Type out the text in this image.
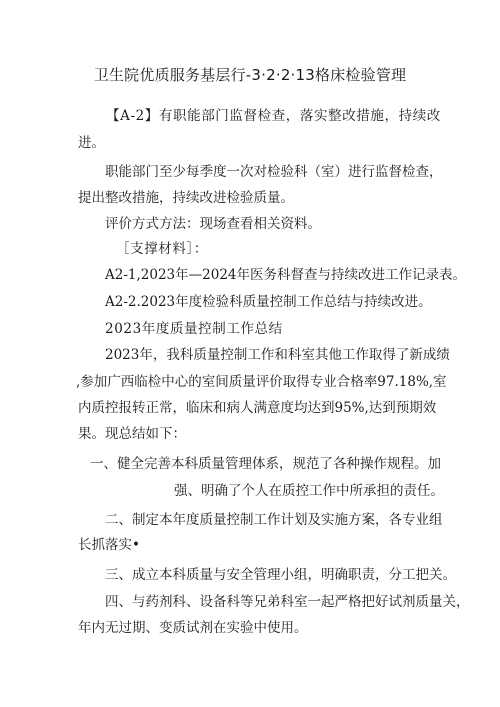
卫生院优质服务基层行-3·2·2·13格床检验管理
【A-2】有职能部门监督检查，落实整改措施，持续改
进。
职能部门至少每季度一次对检验科（室）进行监督检查，
提出整改措施，持续改进检验质量。
评价方式方法：现场查看相关资料。
［支撑材料］：
A2-1,2023年—2024年医务科督查与持续改进工作记录表。
A2-2.2023年度检验科质量控制工作总结与持续改进。
2023年度质量控制工作总结
2023年，我科质量控制工作和科室其他工作取得了新成绩
,参加广西临检中心的室间质量评价取得专业合格率97.18%,室
内质控报转正常，临床和病人满意度均达到95%,达到预期效
果。现总结如下：
一、健全完善本科质量管理体系，规范了各种操作规程。加
强、明确了个人在质控工作中所承担的责任。
二、制定本年度质量控制工作计划及实施方案，各专业组
长抓落实•
三、成立本科质量与安全管理小组，明确职责，分工把关。
四、与药剂科、设备科等兄弟科室一起严格把好试剂质量关，
年内无过期、变质试剂在实验中使用。
